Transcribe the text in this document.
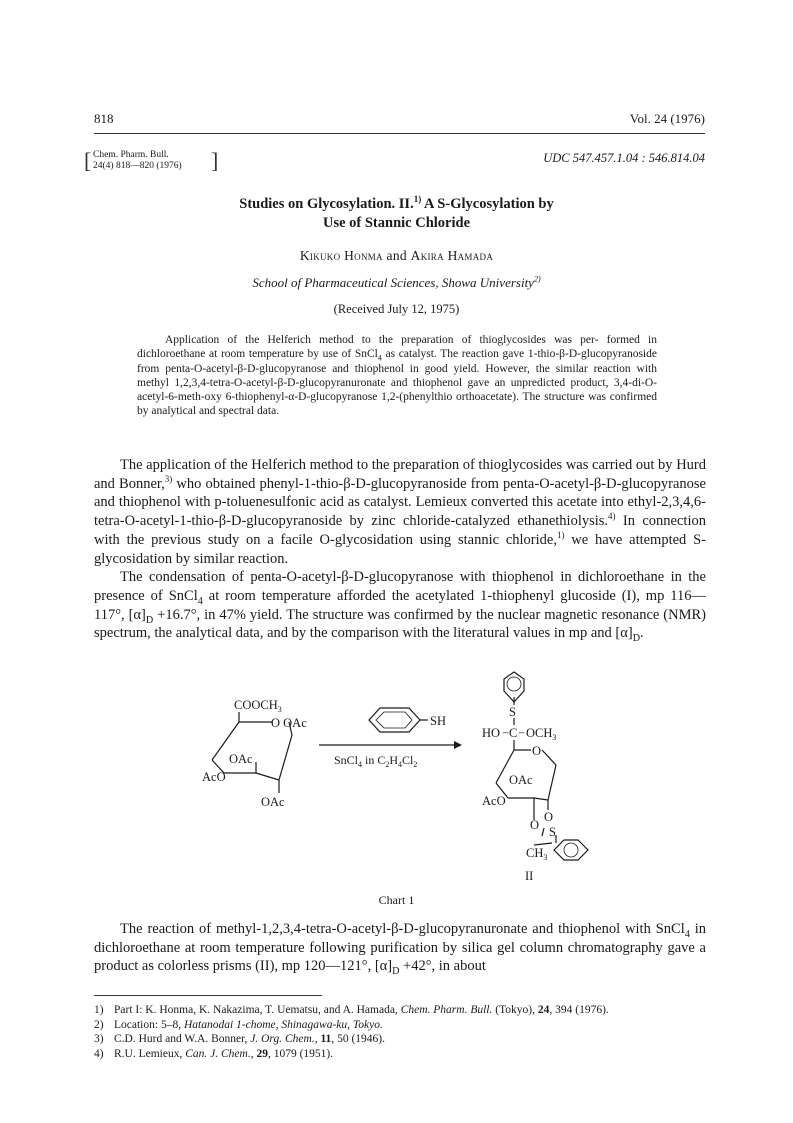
818	Vol. 24 (1976)
[ Chem. Pharm. Bull.
24(4) 818—820 (1976)	]	UDC 547.457.1.04 : 546.814.04
Studies on Glycosylation. II.$^{1)}$ A S-Glycosylation by
Use of Stannic Chloride
Kikuko Honma and Akira Hamada
School of Pharmaceutical Sciences, Showa University$^{2)}$
(Received July 12, 1975)

Application of the Helferich method to the preparation of thioglycosides was per- formed in dichloroethane at room temperature by use of SnCl$_4$ as catalyst. The reaction gave 1-thio-β-D-glucopyranoside from penta-O-acetyl-β-D-glucopyranose and thiophenol in good yield. However, the similar reaction with methyl 1,2,3,4-tetra-O-acetyl-β-D-glucopyranuronate and thiophenol gave an unpredicted product, 3,4-di-O-acetyl-6-meth-oxy 6-thiophenyl-α-D-glucopyranose 1,2-(phenylthio orthoacetate). The structure was confirmed by analytical and spectral data.

The application of the Helferich method to the preparation of thioglycosides was carried out by Hurd and Bonner,$^{3)}$ who obtained phenyl-1-thio-β-D-glucopyranoside from penta-O-acetyl-β-D-glucopyranose and thiophenol with p-toluenesulfonic acid as catalyst. Lemieux converted this acetate into ethyl-2,3,4,6-tetra-O-acetyl-1-thio-β-D-glucopyranoside by zinc chloride-catalyzed ethanethiolysis.$^{4)}$ In connection with the previous study on a facile O-glycosidation using stannic chloride,$^{1)}$ we have attempted S-glycosidation by similar reaction.

The condensation of penta-O-acetyl-β-D-glucopyranose with thiophenol in dichloroethane in the presence of SnCl$_4$ at room temperature afforded the acetylated 1-thiophenyl glucoside (I), mp 116—117°, $[\alpha]_D +16.7^\circ$, in 47% yield. The structure was confirmed by the nuclear magnetic resonance (NMR) spectrum, the analytical data, and by the comparison with the literatural values in mp and $[\alpha]_D$.

$COOCH_3$
O OAc
OAc
AcO
OAc
SH
SnCl$_4$ in $C_2H_4Cl_2$
S
HO − $C - OCH_3$
O
OAc
AcO
O
O S
$CH_3$
II
Chart 1

The reaction of methyl-1,2,3,4-tetra-O-acetyl-β-D-glucopyranuronate and thiophenol with SnCl$_4$ in dichloroethane at room temperature following purification by silica gel column chromatography gave a product as colorless prisms (II), mp 120—121°, $[\alpha]_D +42^\circ$, in about

1) Part I: K. Honma, K. Nakazima, T. Uematsu, and A. Hamada, Chem. Pharm. Bull. (Tokyo), 24, 394 (1976).
2) Location: 5–8, Hatanodai 1-chome, Shinagawa-ku, Tokyo.
3) C.D. Hurd and W.A. Bonner, J. Org. Chem., 11, 50 (1946).
4) R.U. Lemieux, Can. J. Chem., 29, 1079 (1951).
